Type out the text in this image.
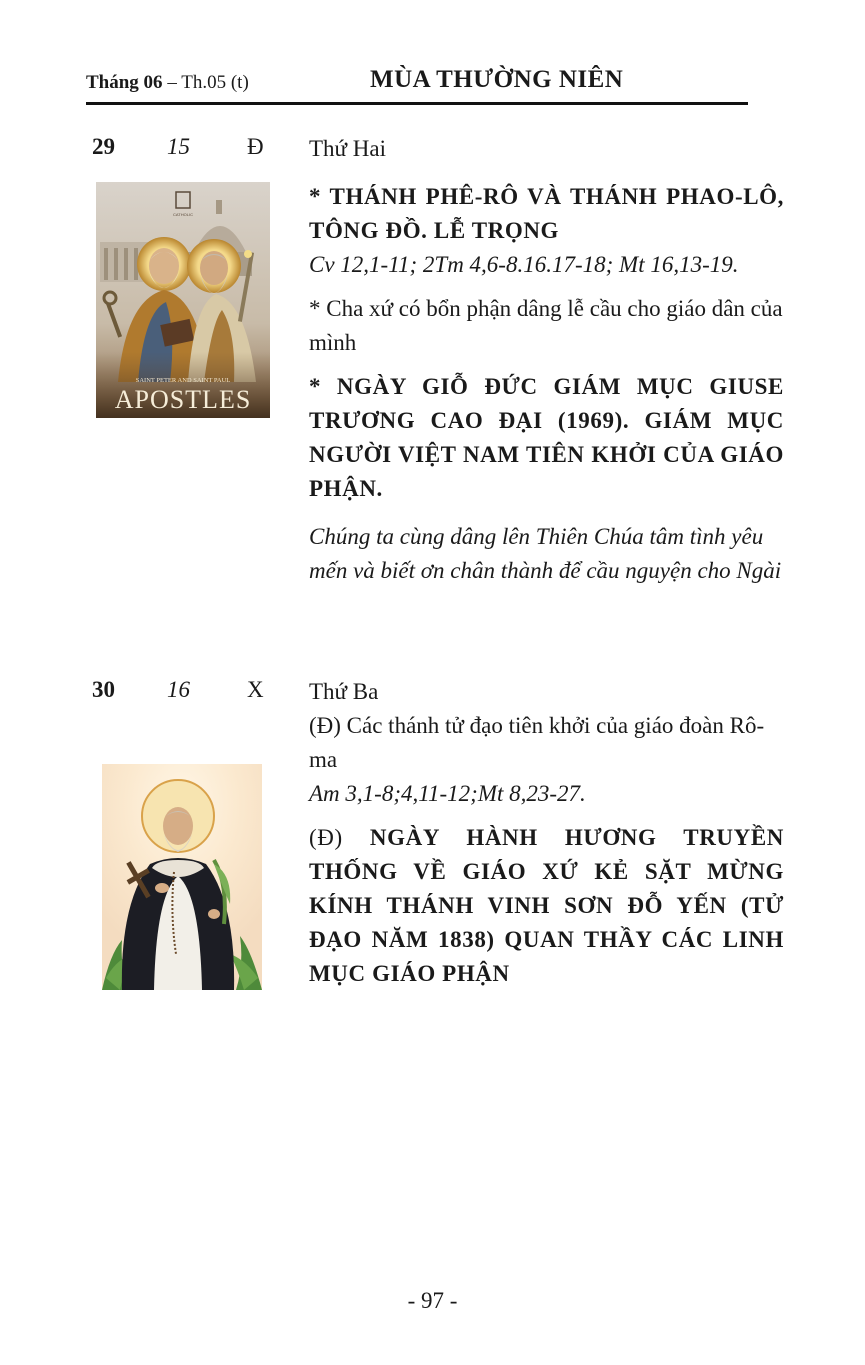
Tháng 06 – Th.05 (t)	MÙA THƯỜNG NIÊN
29 15 Đ
CATHOLIC
SAINT PETER AND SAINT PAUL
APOSTLES

Thứ Hai

* THÁNH PHÊ-RÔ VÀ THÁNH PHAO-LÔ, TÔNG ĐỒ. LỄ TRỌNG

Cv 12,1-11; 2Tm 4,6-8.16.17-18; Mt 16,13-19.

* Cha xứ có bổn phận dâng lễ cầu cho giáo dân của mình

* NGÀY GIỖ ĐỨC GIÁM MỤC GIUSE TRƯƠNG CAO ĐẠI (1969). GIÁM MỤC NGƯỜI VIỆT NAM TIÊN KHỞI CỦA GIÁO PHẬN.

Chúng ta cùng dâng lên Thiên Chúa tâm tình yêu mến và biết ơn chân thành để cầu nguyện cho Ngài

30 16 X Thứ Ba

(Đ) Các thánh tử đạo tiên khởi của giáo đoàn Rô-ma

Am 3,1-8;4,11-12;Mt 8,23-27.

(Đ) NGÀY HÀNH HƯƠNG TRUYỀN THỐNG VỀ GIÁO XỨ KẺ SẶT MỪNG KÍNH THÁNH VINH SƠN ĐỖ YẾN (TỬ ĐẠO NĂM 1838) QUAN THẦY CÁC LINH MỤC GIÁO PHẬN

- 97 -
